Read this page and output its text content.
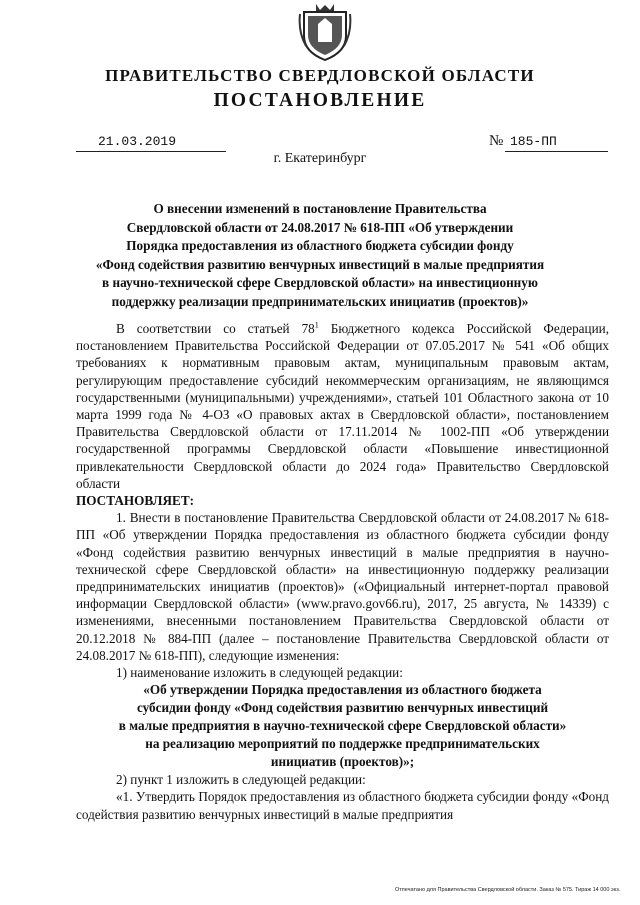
ПРАВИТЕЛЬСТВО СВЕРДЛОВСКОЙ ОБЛАСТИ
ПОСТАНОВЛЕНИЕ
21.03.2019	№ 185-ПП
г. Екатеринбург
О внесении изменений в постановление Правительства
Свердловской области от 24.08.2017 № 618-ПП «Об утверждении
Порядка предоставления из областного бюджета субсидии фонду
«Фонд содействия развитию венчурных инвестиций в малые предприятия
в научно-технической сфере Свердловской области» на инвестиционную
поддержку реализации предпринимательских инициатив (проектов)»

В соответствии со статьей $78^1$ Бюджетного кодекса Российской Федерации, постановлением Правительства Российской Федерации от 07.05.2017 № 541 «Об общих требованиях к нормативным правовым актам, муниципальным правовым актам, регулирующим предоставление субсидий некоммерческим организациям, не являющимся государственными (муниципальными) учреждениями», статьей 101 Областного закона от 10 марта 1999 года № 4-ОЗ «О правовых актах в Свердловской области», постановлением Правительства Свердловской области от 17.11.2014 № 1002-ПП «Об утверждении государственной программы Свердловской области «Повышение инвестиционной привлекательности Свердловской области до 2024 года» Правительство Свердловской области

ПОСТАНОВЛЯЕТ:

1. Внести в постановление Правительства Свердловской области от 24.08.2017 № 618-ПП «Об утверждении Порядка предоставления из областного бюджета субсидии фонду «Фонд содействия развитию венчурных инвестиций в малые предприятия в научно-технической сфере Свердловской области» на инвестиционную поддержку реализации предпринимательских инициатив (проектов)» («Официальный интернет-портал правовой информации Свердловской области» (www.pravo.gov66.ru), 2017, 25 августа, № 14339) с изменениями, внесенными постановлением Правительства Свердловской области от 20.12.2018 № 884-ПП (далее – постановление Правительства Свердловской области от 24.08.2017 № 618-ПП), следующие изменения:

1) наименование изложить в следующей редакции:

«Об утверждении Порядка предоставления из областного бюджета
субсидии фонду «Фонд содействия развитию венчурных инвестиций
в малые предприятия в научно-технической сфере Свердловской области»
на реализацию мероприятий по поддержке предпринимательских
инициатив (проектов)»;

2) пункт 1 изложить в следующей редакции:

«1. Утвердить Порядок предоставления из областного бюджета субсидии фонду «Фонд содействия развитию венчурных инвестиций в малые предприятия

Отпечатано для Правительства Свердловской области. Заказ № 575. Тираж 14 000 экз.
